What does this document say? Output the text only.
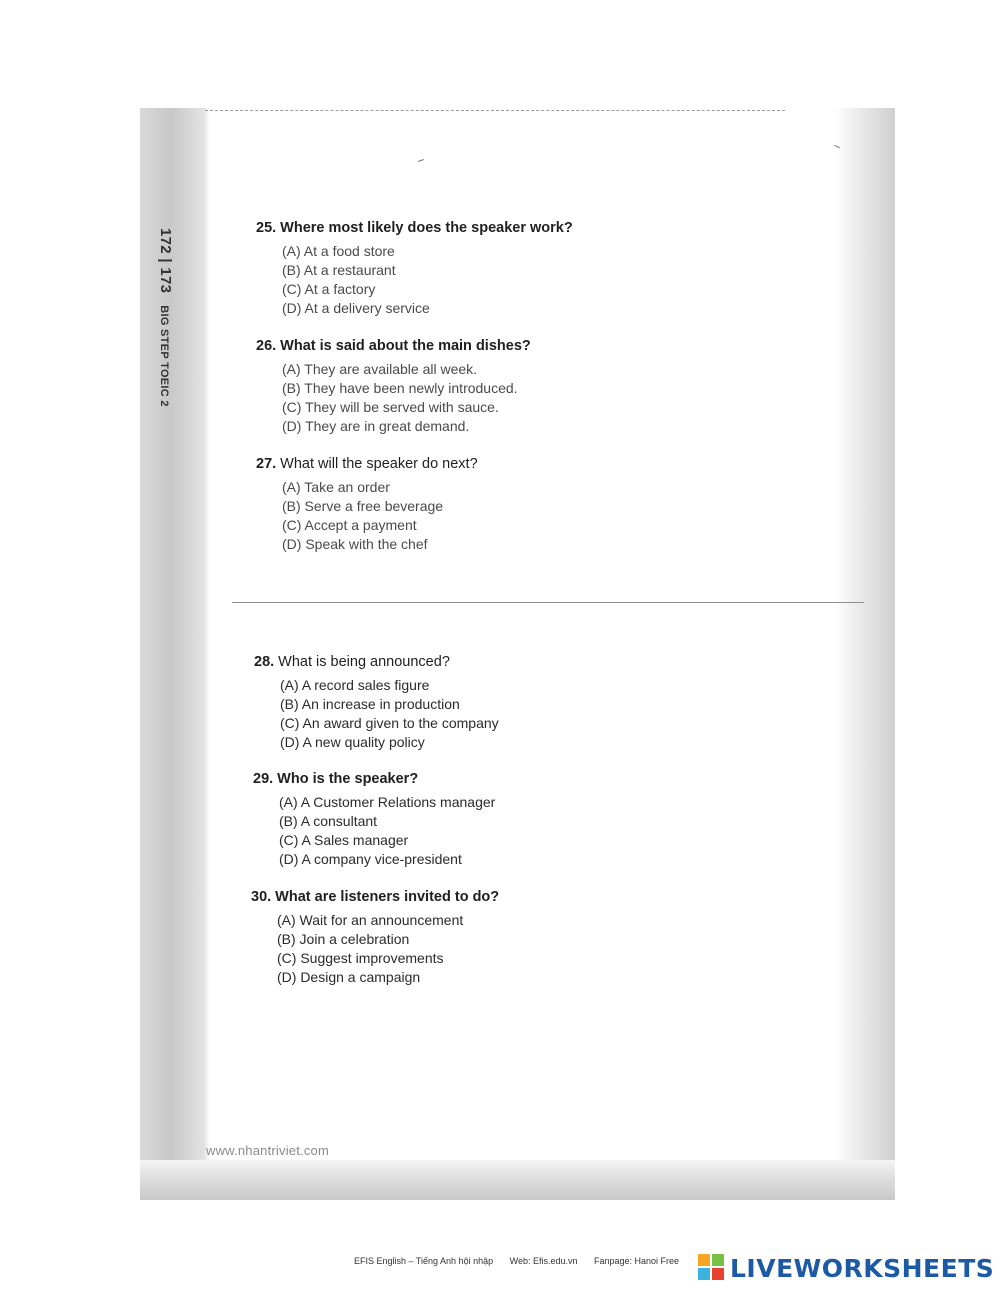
172 | 173 BIG STEP TOEIC 2
25. Where most likely does the speaker work?
(A) At a food store
(B) At a restaurant
(C) At a factory
(D) At a delivery service
26. What is said about the main dishes?
(A) They are available all week.
(B) They have been newly introduced.
(C) They will be served with sauce.
(D) They are in great demand.
27. What will the speaker do next?
(A) Take an order
(B) Serve a free beverage
(C) Accept a payment
(D) Speak with the chef
28. What is being announced?
(A) A record sales figure
(B) An increase in production
(C) An award given to the company
(D) A new quality policy
29. Who is the speaker?
(A) A Customer Relations manager
(B) A consultant
(C) A Sales manager
(D) A company vice-president
30. What are listeners invited to do?
(A) Wait for an announcement
(B) Join a celebration
(C) Suggest improvements
(D) Design a campaign
www.nhantriviet.com
EFIS English – Tiếng Anh hội nhập Web: Efis.edu.vn Fanpage: Hanoi Free	LIVEWORKSHEETS
